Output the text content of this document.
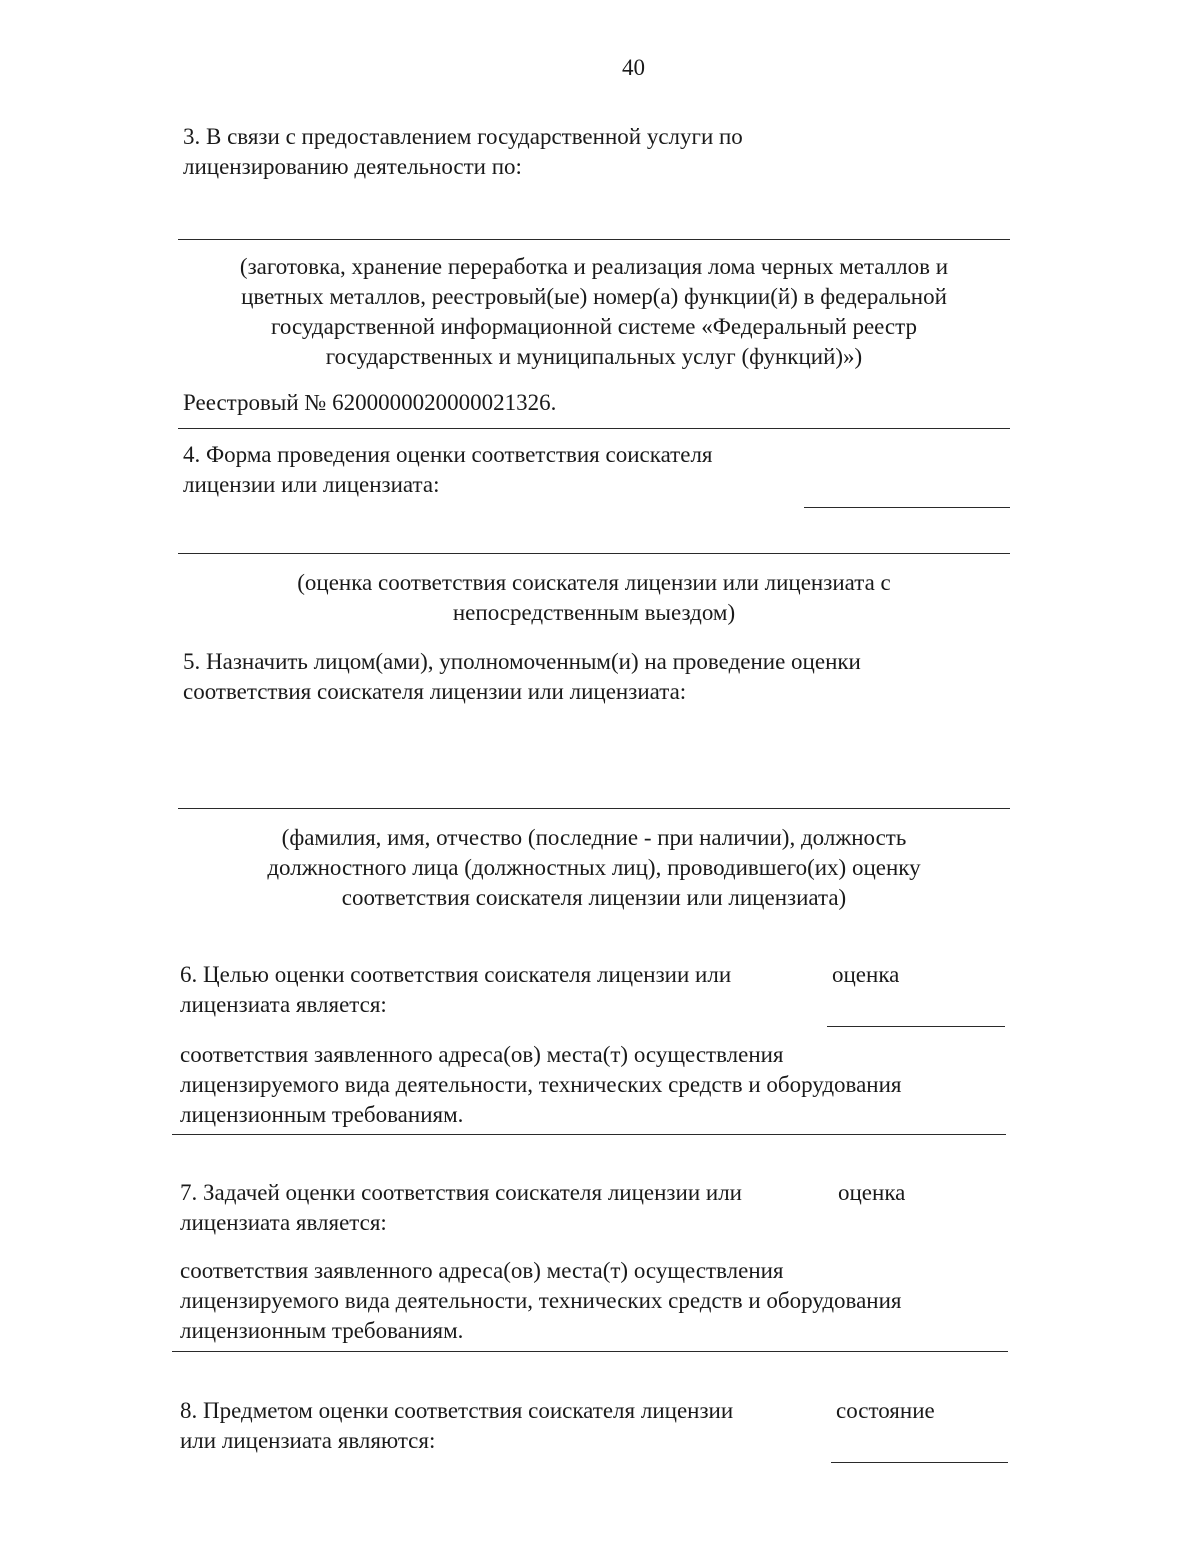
40

3. В связи с предоставлением государственной услуги по

лицензированию деятельности по:

(заготовка, хранение переработка и реализация лома черных металлов и

цветных металлов, реестровый(ые) номер(а) функции(й) в федеральной

государственной информационной системе «Федеральный реестр

государственных и муниципальных услуг (функций)»)

Реестровый № 6200000020000021326.

4. Форма проведения оценки соответствия соискателя

лицензии или лицензиата:

(оценка соответствия соискателя лицензии или лицензиата с

непосредственным выездом)

5. Назначить лицом(ами), уполномоченным(и) на проведение оценки

соответствия соискателя лицензии или лицензиата:

(фамилия, имя, отчество (последние - при наличии), должность

должностного лица (должностных лиц), проводившего(их) оценку

соответствия соискателя лицензии или лицензиата)

6. Целью оценки соответствия соискателя лицензии или	оценка

лицензиата является:

соответствия заявленного адреса(ов) места(т) осуществления

лицензируемого вида деятельности, технических средств и оборудования

лицензионным требованиям.

7. Задачей оценки соответствия соискателя лицензии или	оценка

лицензиата является:

соответствия заявленного адреса(ов) места(т) осуществления

лицензируемого вида деятельности, технических средств и оборудования

лицензионным требованиям.

8. Предметом оценки соответствия соискателя лицензии	состояние

или лицензиата являются:
